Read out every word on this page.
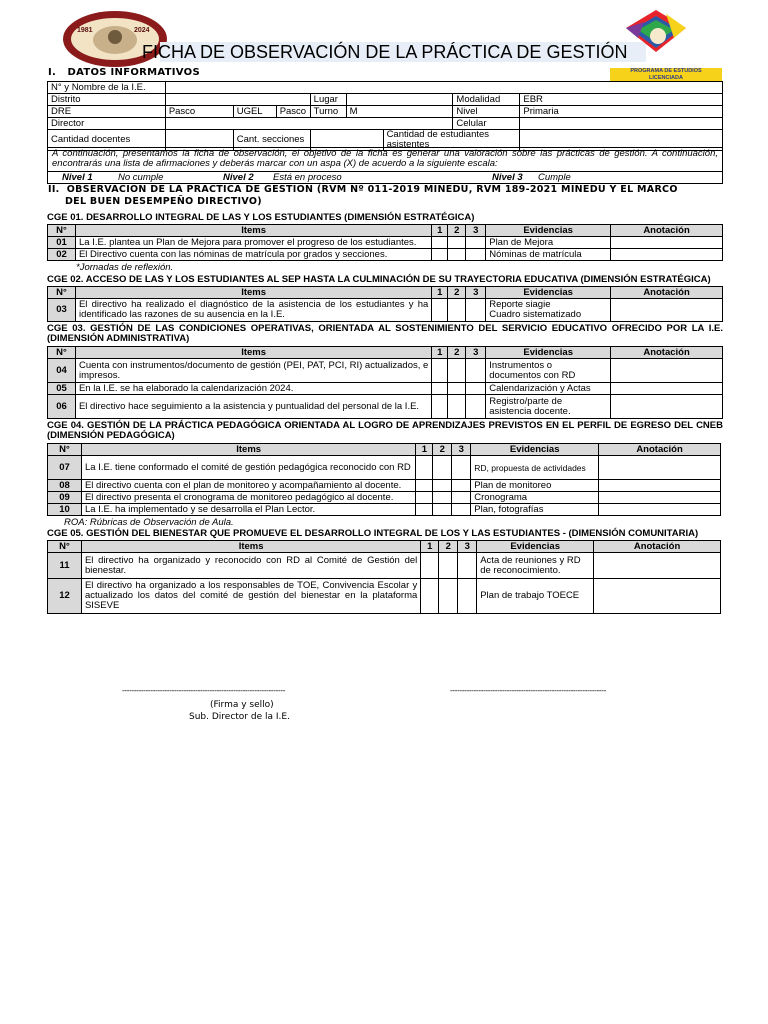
1981	2024
FICHA DE OBSERVACIÓN DE LA PRÁCTICA DE GESTIÓN
PROGRAMA DE ESTUDIOS
LICENCIADA
I.   DATOS INFORMATIVOS
N° y Nombre de la I.E.								
Distrito				Lugar			Modalidad	EBR
DRE	Pasco	UGEL	Pasco	Turno	M		Nivel	Primaria
Director							Celular	
Cantidad docentes		Cant. secciones				Cantidad de estudiantes asistentes		
A continuación, presentamos la ficha de observación, el objetivo de la ficha es generar una valoración sobre las prácticas de gestión. A continuación, encontrarás una lista de afirmaciones y deberás marcar con un aspa (X) de acuerdo a la siguiente escala:
Nivel 1	No cumple	Nivel 2 Está en proceso	Nivel 3 Cumple
II.  OBSERVACION DE LA PRACTICA DE GESTION (RVM Nº 011-2019 MINEDU, RVM 189-2021 MINEDU Y EL MARCO
DEL BUEN DESEMPEÑO DIRECTIVO)
CGE 01. DESARROLLO INTEGRAL DE LAS Y LOS ESTUDIANTES (DIMENSIÓN ESTRATÉGICA)
N°	Items	1	2	3	Evidencias	Anotación
01	La I.E. plantea un Plan de Mejora para promover el progreso de los estudiantes.				Plan de Mejora	
02	El Directivo cuenta con las nóminas de matrícula por grados y secciones.				Nóminas de matrícula	
*Jornadas de reflexión.
CGE 02. ACCESO DE LAS Y LOS ESTUDIANTES AL SEP HASTA LA CULMINACIÓN DE SU TRAYECTORIA EDUCATIVA (DIMENSIÓN ESTRATÉGICA)
N°	Items	1	2	3	Evidencias	Anotación
03	El directivo ha realizado el diagnóstico de la asistencia de los estudiantes y ha identificado las razones de su ausencia en la I.E.				Reporte siagie
Cuadro sistematizado	

CGE 03. GESTIÓN DE LAS CONDICIONES OPERATIVAS, ORIENTADA AL SOSTENIMIENTO DEL SERVICIO EDUCATIVO OFRECIDO POR LA I.E. (DIMENSIÓN ADMINISTRATIVA)
N°	Items	1	2	3	Evidencias	Anotación
04	Cuenta con instrumentos/documento de gestión (PEI, PAT, PCI, RI) actualizados, e impresos.				Instrumentos o
documentos con RD	

05	En la I.E. se ha elaborado la calendarización 2024.				Calendarización y Actas	
06	El directivo hace seguimiento a la asistencia y puntualidad del personal de la I.E.				Registro/parte de
asistencia docente.	

CGE 04. GESTIÓN DE LA PRÁCTICA PEDAGÓGICA ORIENTADA AL LOGRO DE APRENDIZAJES PREVISTOS EN EL PERFIL DE EGRESO DEL CNEB (DIMENSIÓN PEDAGÓGICA)
N°	Items	1	2	3	Evidencias	Anotación
07	La I.E. tiene conformado el comité de gestión pedagógica reconocido con RD				RD, propuesta de actividades	
08	El directivo cuenta con el plan de monitoreo y acompañamiento al docente.				Plan de monitoreo	
09	El directivo presenta el cronograma de monitoreo pedagógico al docente.				Cronograma	
10	La I.E. ha implementado y se desarrolla el Plan Lector.				Plan, fotografías	
ROA: Rúbricas de Observación de Aula.
CGE 05. GESTIÓN DEL BIENESTAR QUE PROMUEVE EL DESARROLLO INTEGRAL DE LOS Y LAS ESTUDIANTES - (DIMENSIÓN COMUNITARIA)
N°	Items	1	2	3	Evidencias	Anotación
11	El directivo ha organizado y reconocido con RD al Comité de Gestión del bienestar.				Acta de reuniones y RD
de reconocimiento.	

12	El directivo ha organizado a los responsables de TOE, Convivencia Escolar y actualizado los datos del comité de gestión del bienestar en la plataforma SISEVE				Plan de trabajo TOECE	
---------------------------------------------------------------------	------------------------------------------------------------------
(Firma y sello)
Sub. Director de la I.E.
